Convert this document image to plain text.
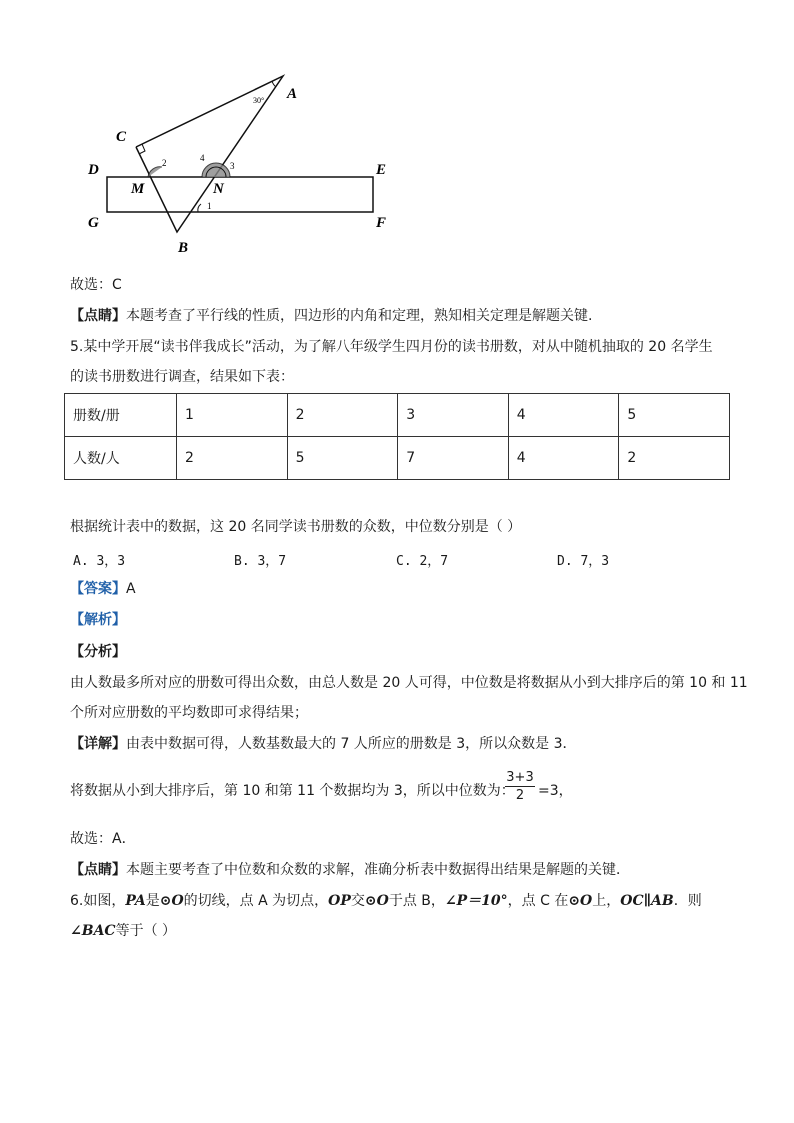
A
B
C
D	E
F
G
M	N
30°
1
2	3
4
故选：C
【点睛】本题考查了平行线的性质，四边形的内角和定理，熟知相关定理是解题关键.
5.某中学开展“读书伴我成长”活动，为了解八年级学生四月份的读书册数，对从中随机抽取的 20 名学生
的读书册数进行调查，结果如下表：
册数/册	1	2	3	4	5
人数/人	2	5	7	4	2
根据统计表中的数据，这 20 名同学读书册数的众数，中位数分别是（ ）
A. 3，3	B. 3，7	C. 2，7	D. 7，3
【答案】A
【解析】
【分析】
由人数最多所对应的册数可得出众数，由总人数是 20 人可得，中位数是将数据从小到大排序后的第 10 和 11
个所对应册数的平均数即可求得结果；
【详解】由表中数据可得，人数基数最大的 7 人所应的册数是 3，所以众数是 3．
将数据从小到大排序后，第 10 和第 11 个数据均为 3，所以中位数为：
$\frac{3+3}{2} =3$，
故选：A．
【点睛】本题主要考查了中位数和众数的求解，准确分析表中数据得出结果是解题的关键．
6.如图，PA是⊙O的切线，点 A 为切点，OP交⊙O于点 B，∠P＝10°，点 C 在⊙O上，OC∥AB．则
∠BAC等于（ ）
